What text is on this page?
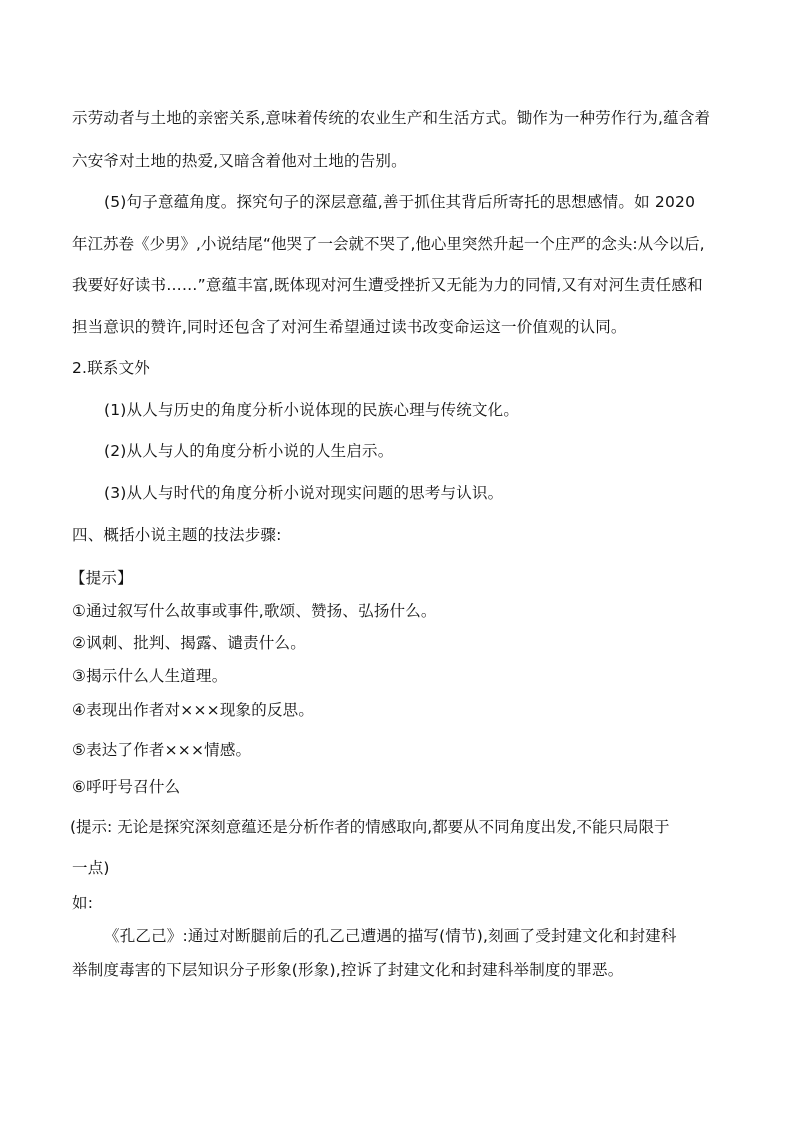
示劳动者与土地的亲密关系,意味着传统的农业生产和生活方式。锄作为一种劳作行为,蕴含着
六安爷对土地的热爱,又暗含着他对土地的告别。
(5)句子意蕴角度。探究句子的深层意蕴,善于抓住其背后所寄托的思想感情。如 2020
年江苏卷《少男》,小说结尾“他哭了一会就不哭了,他心里突然升起一个庄严的念头:从今以后,
我要好好读书……”意蕴丰富,既体现对河生遭受挫折又无能为力的同情,又有对河生责任感和
担当意识的赞许,同时还包含了对河生希望通过读书改变命运这一价值观的认同。
2.联系文外
(1)从人与历史的角度分析小说体现的民族心理与传统文化。
(2)从人与人的角度分析小说的人生启示。
(3)从人与时代的角度分析小说对现实问题的思考与认识。
四、概括小说主题的技法步骤:
【提示】
①通过叙写什么故事或事件,歌颂、赞扬、弘扬什么。
②讽刺、批判、揭露、谴责什么。
③揭示什么人生道理。
④表现出作者对×××现象的反思。
⑤表达了作者×××情感。
⑥呼吁号召什么
(提示: 无论是探究深刻意蕴还是分析作者的情感取向,都要从不同角度出发,不能只局限于
一点)
如:
《孔乙己》:通过对断腿前后的孔乙己遭遇的描写(情节),刻画了受封建文化和封建科
举制度毒害的下层知识分子形象(形象),控诉了封建文化和封建科举制度的罪恶。
